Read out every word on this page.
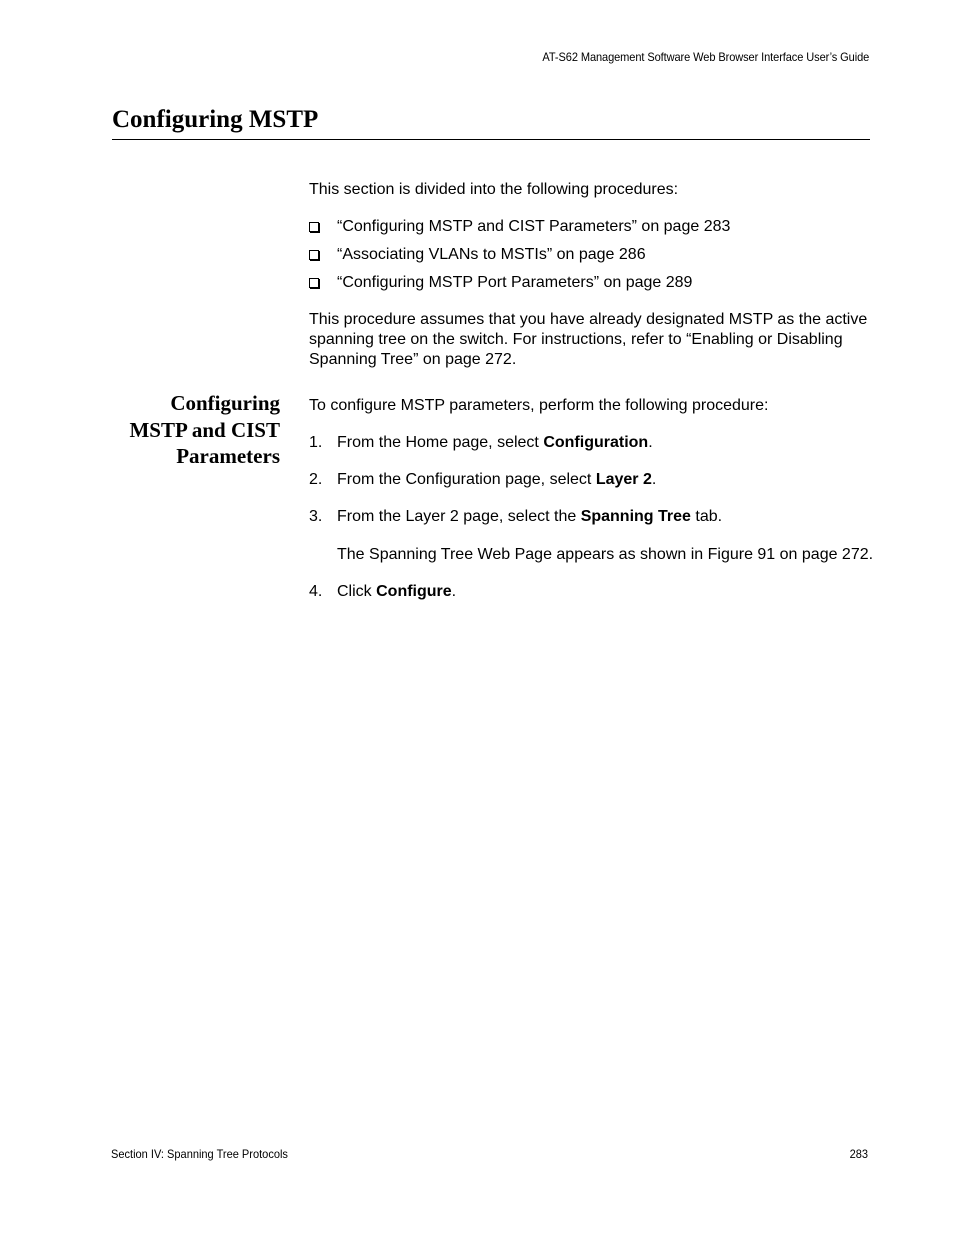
AT-S62 Management Software Web Browser Interface User’s Guide
Configuring MSTP

This section is divided into the following procedures:

“Configuring MSTP and CIST Parameters” on page 283
“Associating VLANs to MSTIs” on page 286
“Configuring MSTP Port Parameters” on page 289

This procedure assumes that you have already designated MSTP as the active spanning tree on the switch. For instructions, refer to “Enabling or Disabling Spanning Tree” on page 272.

Configuring
MSTP and CIST
Parameters

To configure MSTP parameters, perform the following procedure:

1. From the Home page, select Configuration.
2. From the Configuration page, select Layer 2.
3. From the Layer 2 page, select the Spanning Tree tab.

The Spanning Tree Web Page appears as shown in Figure 91 on page 272.

4. Click Configure.
Section IV: Spanning Tree Protocols	283
